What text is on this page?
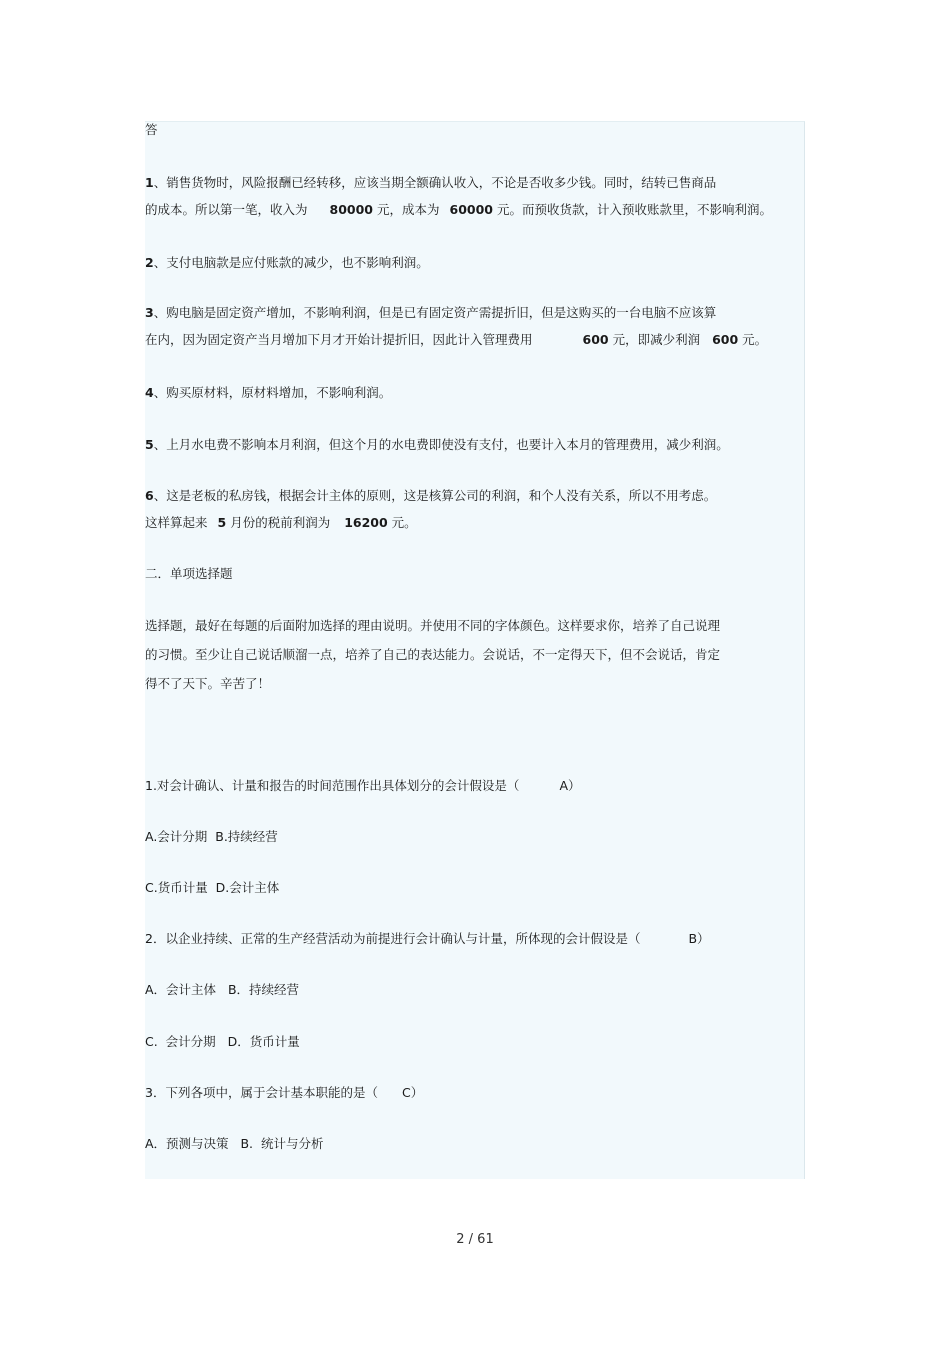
答
1、销售货物时，风险报酬已经转移，应该当期全额确认收入，不论是否收多少钱。同时，结转已售商品
的成本。所以第一笔，收入为 80000 元，成本为 60000 元。而预收货款，计入预收账款里，不影响利润。
2、支付电脑款是应付账款的减少，也不影响利润。
3、购电脑是固定资产增加，不影响利润，但是已有固定资产需提折旧，但是这购买的一台电脑不应该算
在内，因为固定资产当月增加下月才开始计提折旧，因此计入管理费用	600 元，即减少利润 600 元。
4、购买原材料，原材料增加，不影响利润。
5、上月水电费不影响本月利润，但这个月的水电费即使没有支付，也要计入本月的管理费用，减少利润。
6、这是老板的私房钱，根据会计主体的原则，这是核算公司的利润，和个人没有关系，所以不用考虑。
这样算起来 5 月份的税前利润为 16200 元。
二．单项选择题
选择题，最好在每题的后面附加选择的理由说明。并使用不同的字体颜色。这样要求你，培养了自己说理
的习惯。至少让自己说话顺溜一点，培养了自己的表达能力。会说话，不一定得天下，但不会说话，肯定
得不了天下。辛苦了！
1.对会计确认、计量和报告的时间范围作出具体划分的会计假设是（	A）
A.会计分期  B.持续经营
C.货币计量  D.会计主体
2．以企业持续、正常的生产经营活动为前提进行会计确认与计量，所体现的会计假设是（	B）
A．会计主体   B．持续经营
C.  会计分期   D．货币计量
3．下列各项中，属于会计基本职能的是（ C）
A．预测与决策   B.  统计与分析
2 / 61
